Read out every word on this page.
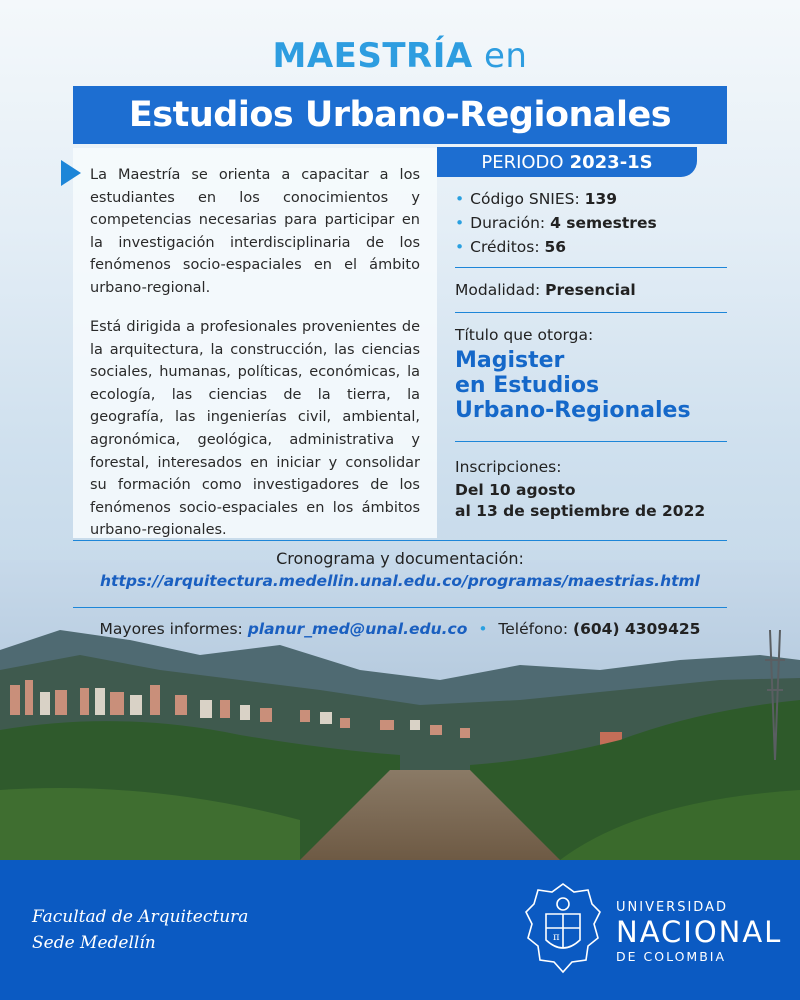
MAESTRÍA en
Estudios Urbano-Regionales
La Maestría se orienta a capacitar a los estudiantes en los conocimientos y competencias necesarias para participar en la investigación interdisciplinaria de los fenómenos socio-espaciales en el ámbito urbano-regional.
Está dirigida a profesionales provenientes de la arquitectura, la construcción, las ciencias sociales, humanas, políticas, económicas, la ecología, las ciencias de la tierra, la geografía, las ingenierías civil, ambiental, agronómica, geológica, administrativa y forestal, interesados en iniciar y consolidar su formación como investigadores de los fenómenos socio-espaciales en los ámbitos urbano-regionales.
PERIODO 2023-1S
• Código SNIES: 139
• Duración: 4 semestres
• Créditos: 56
Modalidad: Presencial
Título que otorga:
Magister
en Estudios
Urbano-Regionales
Inscripciones:
Del 10 agosto
al 13 de septiembre de 2022
Cronograma y documentación:
https://arquitectura.medellin.unal.edu.co/programas/maestrias.html
Mayores informes: planur_med@unal.edu.co • Teléfono: (604) 4309425
Facultad de Arquitectura
Sede Medellín	π
UNIVERSIDAD
NACIONAL
DE COLOMBIA
